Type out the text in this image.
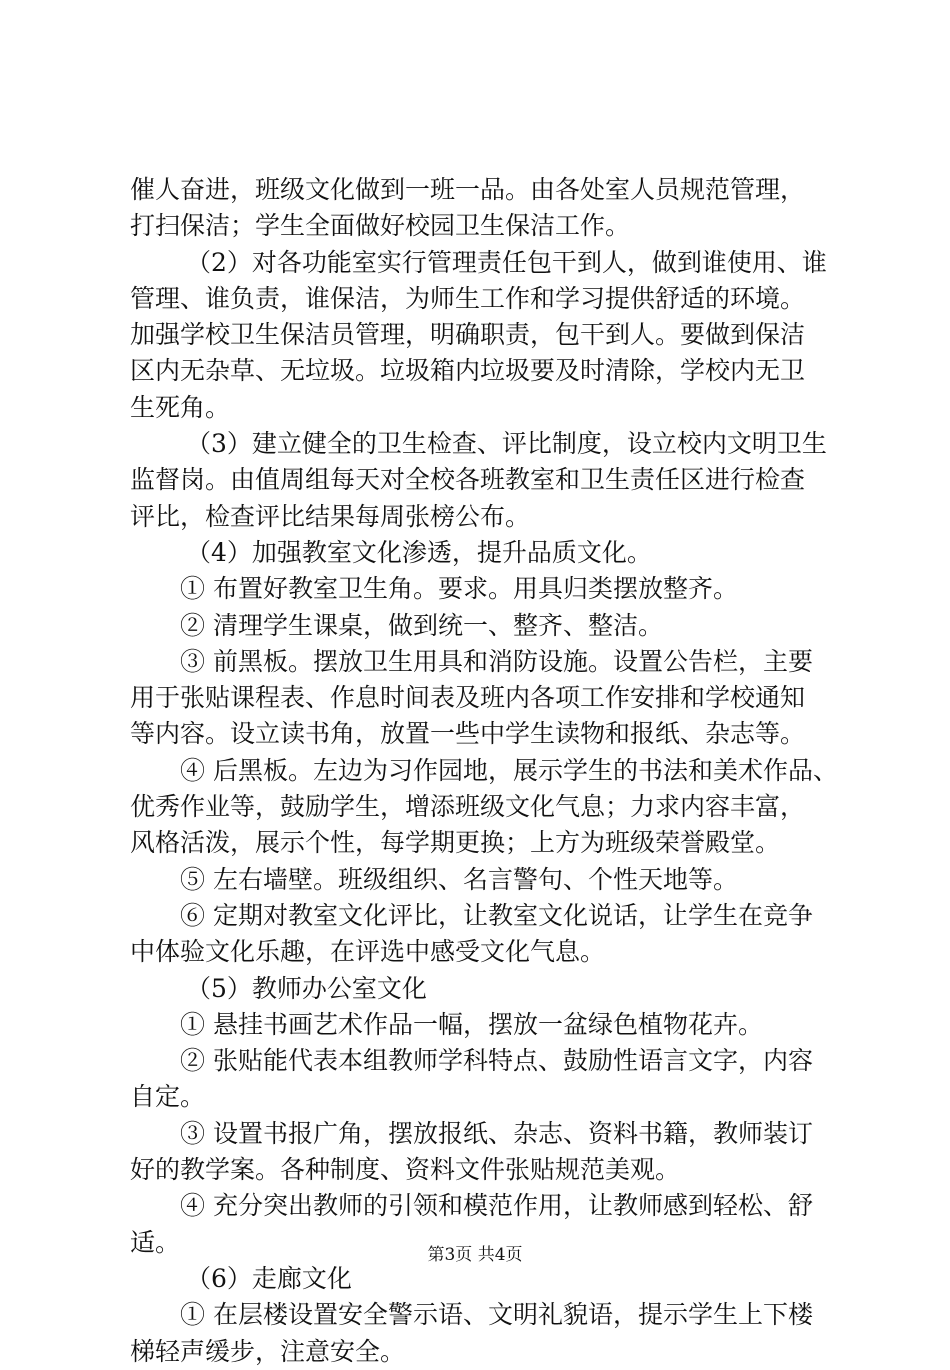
催人奋进，班级文化做到一班一品。由各处室人员规范管理，
打扫保洁；学生全面做好校园卫生保洁工作。
（2）对各功能室实行管理责任包干到人，做到谁使用、谁
管理、谁负责，谁保洁，为师生工作和学习提供舒适的环境。
加强学校卫生保洁员管理，明确职责，包干到人。要做到保洁
区内无杂草、无垃圾。垃圾箱内垃圾要及时清除，学校内无卫
生死角。
（3）建立健全的卫生检查、评比制度，设立校内文明卫生
监督岗。由值周组每天对全校各班教室和卫生责任区进行检查
评比，检查评比结果每周张榜公布。
（4）加强教室文化渗透，提升品质文化。
① 布置好教室卫生角。要求。用具归类摆放整齐。
② 清理学生课桌，做到统一、整齐、整洁。
③ 前黑板。摆放卫生用具和消防设施。设置公告栏，主要
用于张贴课程表、作息时间表及班内各项工作安排和学校通知
等内容。设立读书角，放置一些中学生读物和报纸、杂志等。
④ 后黑板。左边为习作园地，展示学生的书法和美术作品、
优秀作业等，鼓励学生，增添班级文化气息；力求内容丰富，
风格活泼，展示个性，每学期更换；上方为班级荣誉殿堂。
⑤ 左右墙壁。班级组织、名言警句、个性天地等。
⑥ 定期对教室文化评比，让教室文化说话，让学生在竞争
中体验文化乐趣，在评选中感受文化气息。
（5）教师办公室文化
① 悬挂书画艺术作品一幅，摆放一盆绿色植物花卉。
② 张贴能代表本组教师学科特点、鼓励性语言文字，内容
自定。
③ 设置书报广角，摆放报纸、杂志、资料书籍，教师装订
好的教学案。各种制度、资料文件张贴规范美观。
④ 充分突出教师的引领和模范作用，让教师感到轻松、舒
适。
（6）走廊文化
① 在层楼设置安全警示语、文明礼貌语，提示学生上下楼
梯轻声缓步，注意安全。
第3页 共4页
